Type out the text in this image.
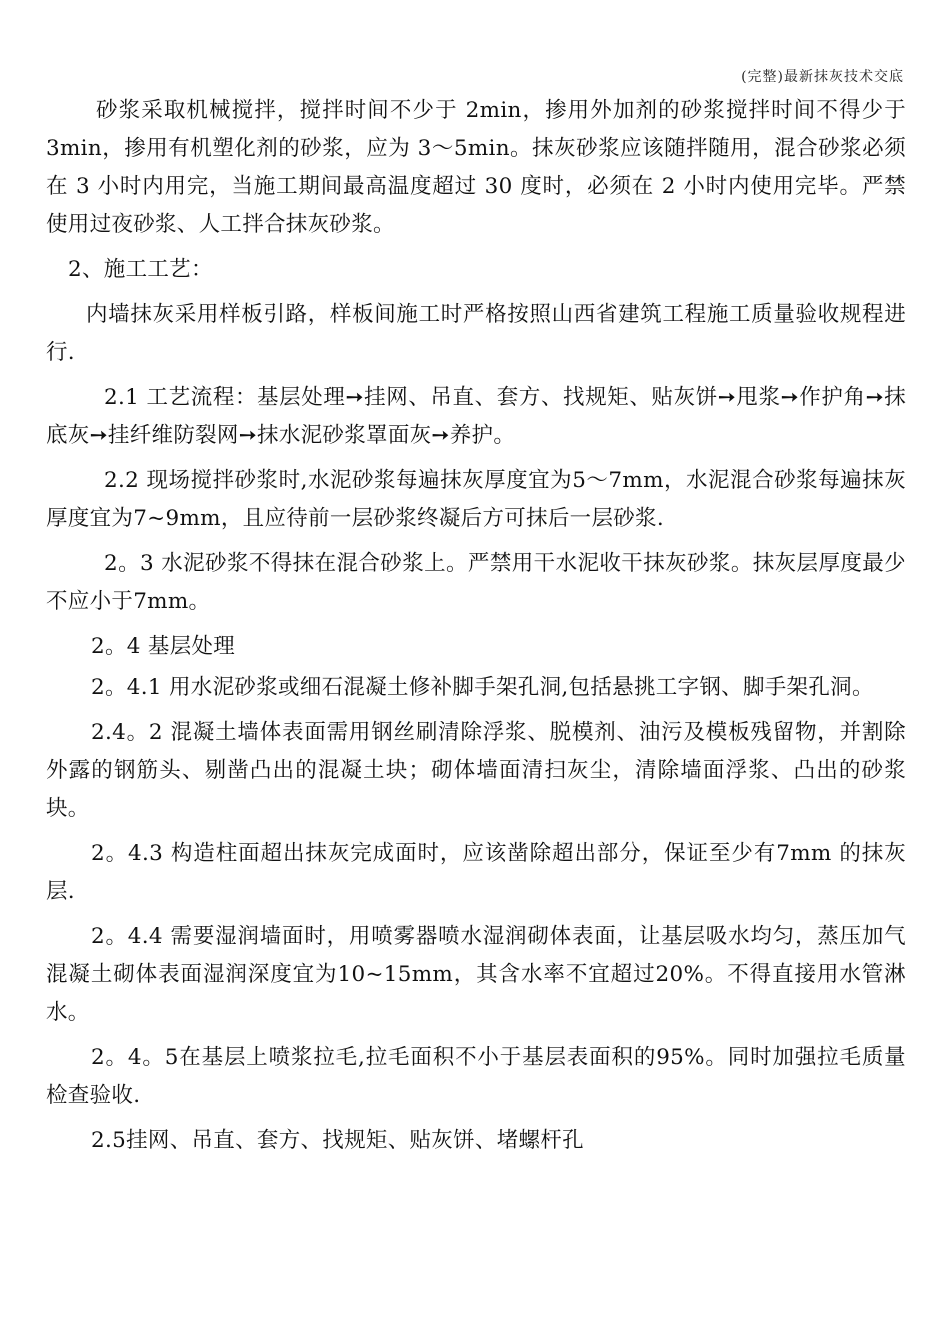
(完整)最新抹灰技术交底

砂浆采取机械搅拌，搅拌时间不少于 2min，掺用外加剂的砂浆搅拌时间不得少于 3min，掺用有机塑化剂的砂浆，应为 3～5min。抹灰砂浆应该随拌随用，混合砂浆必须在 3 小时内用完，当施工期间最高温度超过 30 度时，必须在 2 小时内使用完毕。严禁使用过夜砂浆、人工拌合抹灰砂浆。

2、施工工艺：

内墙抹灰采用样板引路，样板间施工时严格按照山西省建筑工程施工质量验收规程进行.

2.1 工艺流程：基层处理➙挂网、吊直、套方、找规矩、贴灰饼➙甩浆➙作护角➙抹底灰➙挂纤维防裂网➙抹水泥砂浆罩面灰➙养护。

2.2 现场搅拌砂浆时,水泥砂浆每遍抹灰厚度宜为5～7mm，水泥混合砂浆每遍抹灰厚度宜为7~9mm，且应待前一层砂浆终凝后方可抹后一层砂浆.

2。3 水泥砂浆不得抹在混合砂浆上。严禁用干水泥收干抹灰砂浆。抹灰层厚度最少不应小于7mm。

2。4 基层处理

2。4.1 用水泥砂浆或细石混凝土修补脚手架孔洞,包括悬挑工字钢、脚手架孔洞。

2.4。2 混凝土墙体表面需用钢丝刷清除浮浆、脱模剂、油污及模板残留物，并割除外露的钢筋头、剔凿凸出的混凝土块；砌体墙面清扫灰尘，清除墙面浮浆、凸出的砂浆块。

2。4.3 构造柱面超出抹灰完成面时，应该凿除超出部分，保证至少有7mm 的抹灰层.

2。4.4 需要湿润墙面时，用喷雾器喷水湿润砌体表面，让基层吸水均匀，蒸压加气混凝土砌体表面湿润深度宜为10~15mm，其含水率不宜超过20%。不得直接用水管淋水。

2。4。5在基层上喷浆拉毛,拉毛面积不小于基层表面积的95%。同时加强拉毛质量检查验收.

2.5挂网、吊直、套方、找规矩、贴灰饼、堵螺杆孔
